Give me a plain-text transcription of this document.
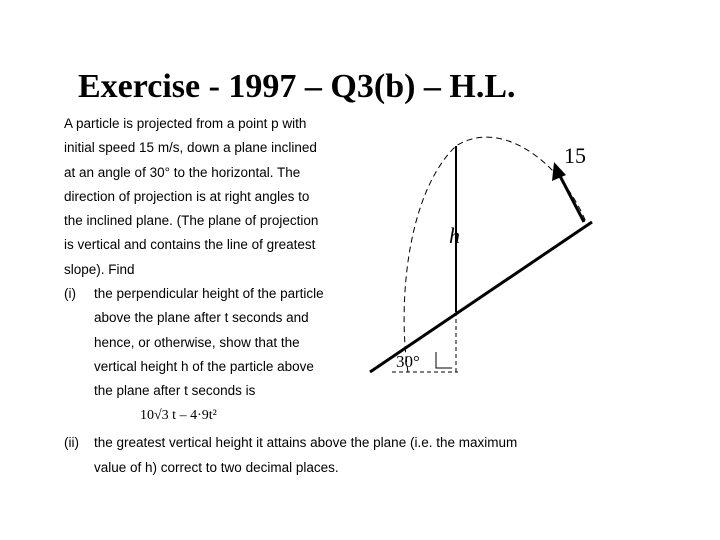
Exercise - 1997 – Q3(b) – H.L.
A particle is projected from a point p with
initial speed 15 m/s, down a plane inclined
at an angle of 30° to the horizontal. The
direction of projection is at right angles to
the inclined plane. (The plane of projection
is vertical and contains the line of greatest
slope). Find
(i) the perpendicular height of the particle
above the plane after t seconds and
hence, or otherwise, show that the
vertical height h of the particle above
the plane after t seconds is
10√3 t – 4·9t²
(ii) the greatest vertical height it attains above the plane (i.e. the maximum
value of h) correct to two decimal places.
15
h
30°
